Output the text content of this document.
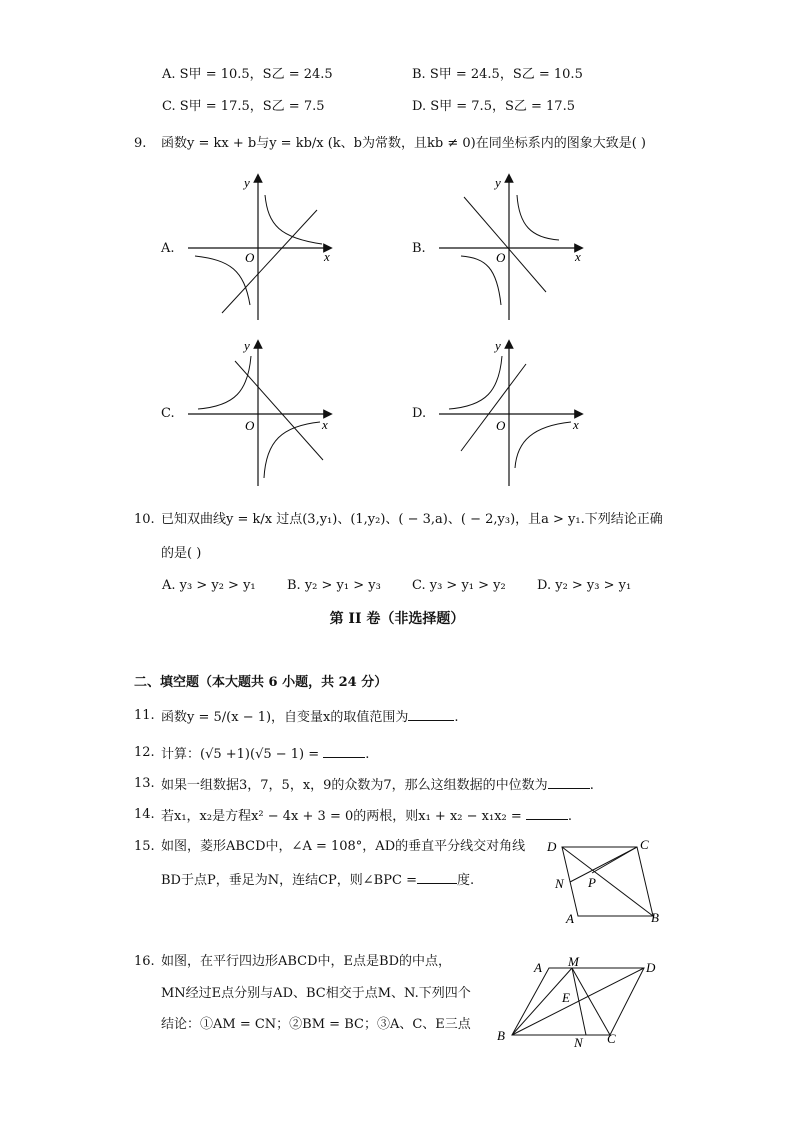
A. S甲 = 10.5，S乙 = 24.5	B. S甲 = 24.5，S乙 = 10.5
C. S甲 = 17.5，S乙 = 7.5	D. S甲 = 7.5，S乙 = 17.5
9. 函数y = kx + b与y = kb/x (k、b为常数，且kb ≠ 0)在同坐标系内的图象大致是( )
A.	B.
C.	D.
y
x
O
y
x
O
y
x
O
y
x
O
10. 已知双曲线y = k/x 过点(3,y₁)、(1,y₂)、( − 3,a)、( − 2,y₃)，且a > y₁.下列结论正确
的是( )
A. y₃ > y₂ > y₁ B. y₂ > y₁ > y₃ C. y₃ > y₁ > y₂ D. y₂ > y₃ > y₁
第 II 卷（非选择题）
二、填空题（本大题共 6 小题，共 24 分）
11. 函数y = 5/(x − 1)，自变量x的取值范围为	.
12. 计算：(√5 +1)(√5 − 1) =	.
13. 如果一组数据3，7，5，x，9的众数为7，那么这组数据的中位数为	.
14. 若x₁，x₂是方程x² − 4x + 3 = 0的两根，则x₁ + x₂ − x₁x₂ =	.
15. 如图，菱形ABCD中，∠A = 108°，AD的垂直平分线交对角线
BD于点P，垂足为N，连结CP，则∠BPC =	度.
D	C
N P
A	B
16. 如图，在平行四边形ABCD中，E点是BD的中点，
MN经过E点分别与AD、BC相交于点M、N.下列四个
结论：①AM = CN；②BM = BC；③A、C、E三点
A M	D
E
B	N C
